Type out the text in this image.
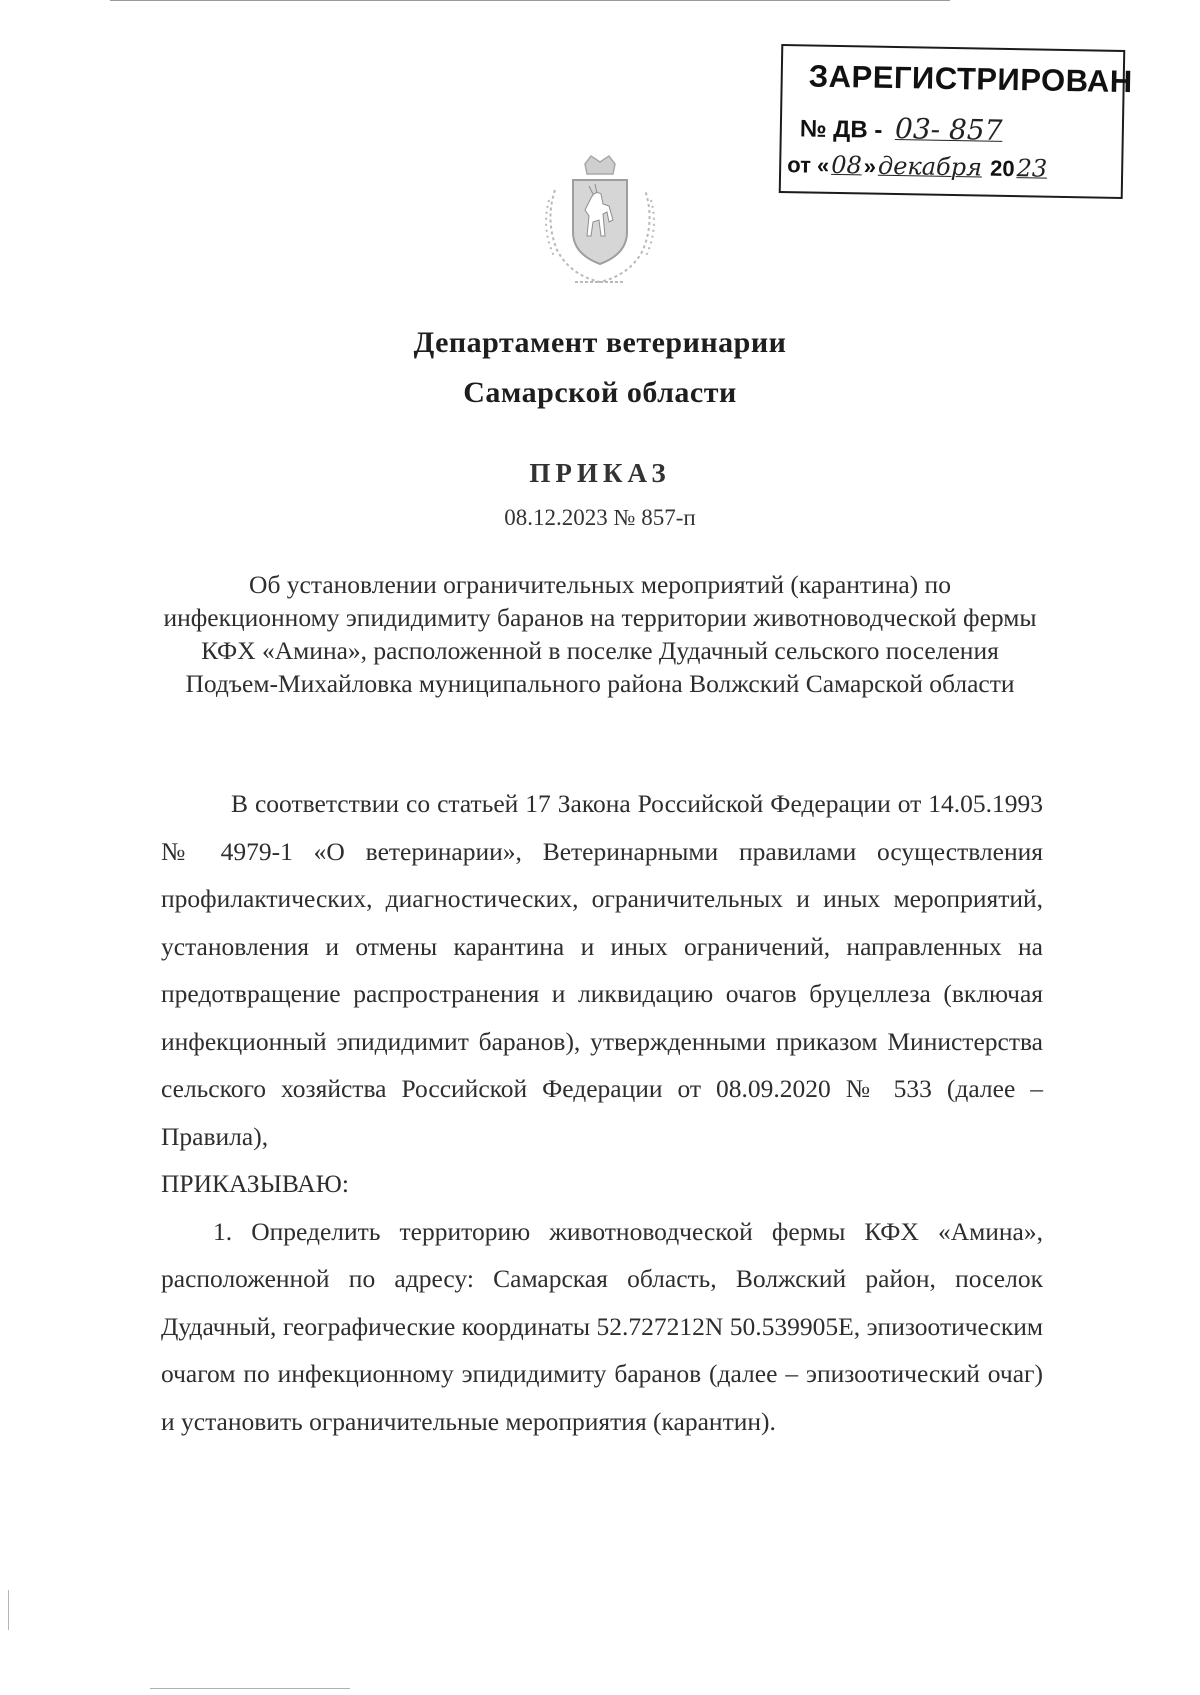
ЗАРЕГИСТРИРОВАН
№ ДВ - 03- 857
от «08»декабря 2023
Департамент ветеринарии
Самарской области
ПРИКАЗ
08.12.2023 № 857-п
Об установлении ограничительных мероприятий (карантина) по инфекционному эпидидимиту баранов на территории животноводческой фермы КФХ «Амина», расположенной в поселке Дудачный сельского поселения Подъем-Михайловка муниципального района Волжский Самарской области

В соответствии со статьей 17 Закона Российской Федерации от 14.05.1993 № 4979-1 «О ветеринарии», Ветеринарными правилами осуществления профилактических, диагностических, ограничительных и иных мероприятий, установления и отмены карантина и иных ограничений, направленных на предотвращение распространения и ликвидацию очагов бруцеллеза (включая инфекционный эпидидимит баранов), утвержденными приказом Министерства сельского хозяйства Российской Федерации от 08.09.2020 № 533 (далее – Правила),
ПРИКАЗЫВАЮ:

1. Определить территорию животноводческой фермы КФХ «Амина», расположенной по адресу: Самарская область, Волжский район, поселок Дудачный, географические координаты 52.727212N 50.539905E, эпизоотическим очагом по инфекционному эпидидимиту баранов (далее – эпизоотический очаг) и установить ограничительные мероприятия (карантин).
